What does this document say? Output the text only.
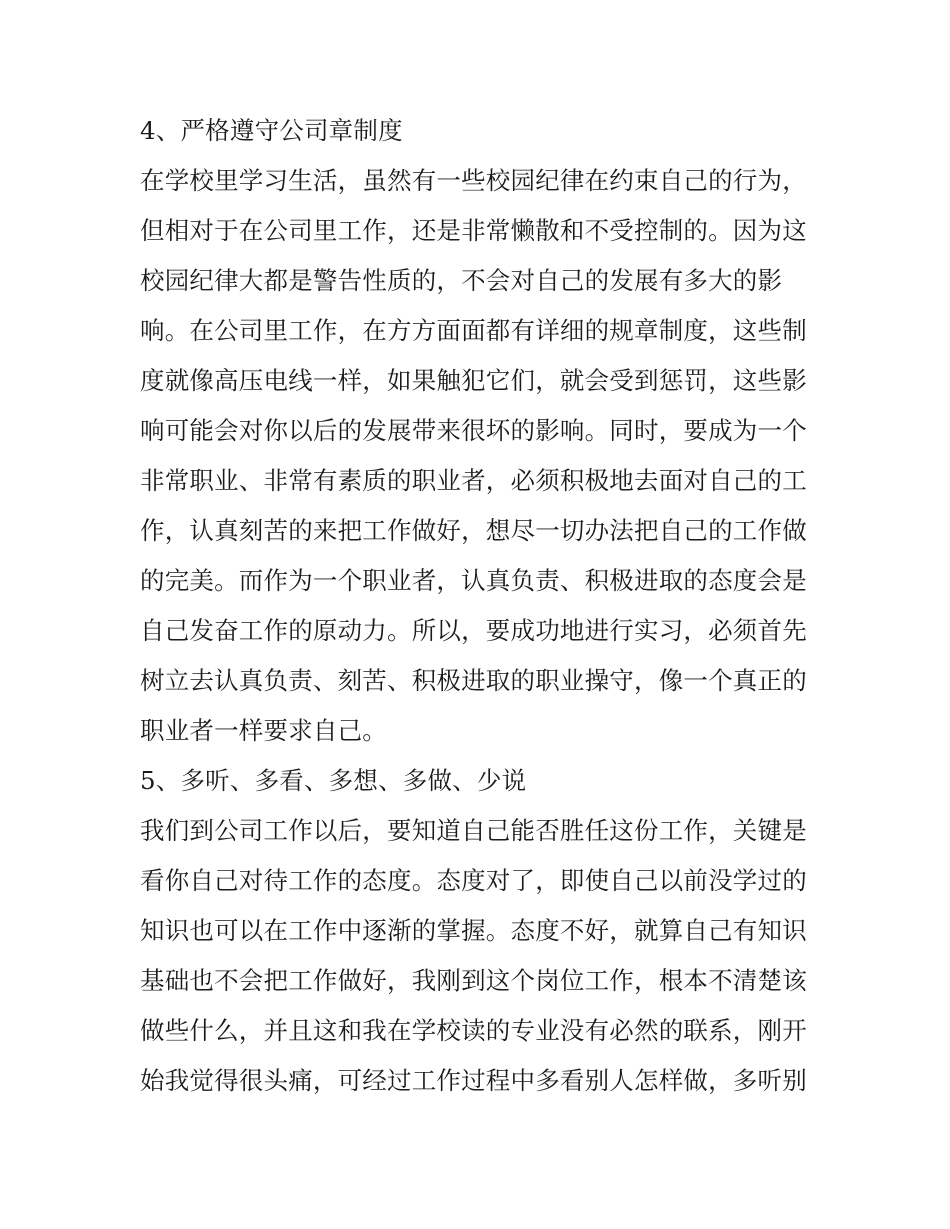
4、严格遵守公司章制度
在学校里学习生活，虽然有一些校园纪律在约束自己的行为，
但相对于在公司里工作，还是非常懒散和不受控制的。因为这
校园纪律大都是警告性质的，不会对自己的发展有多大的影
响。在公司里工作，在方方面面都有详细的规章制度，这些制
度就像高压电线一样，如果触犯它们，就会受到惩罚，这些影
响可能会对你以后的发展带来很坏的影响。同时，要成为一个
非常职业、非常有素质的职业者，必须积极地去面对自己的工
作，认真刻苦的来把工作做好，想尽一切办法把自己的工作做
的完美。而作为一个职业者，认真负责、积极进取的态度会是
自己发奋工作的原动力。所以，要成功地进行实习，必须首先
树立去认真负责、刻苦、积极进取的职业操守，像一个真正的
职业者一样要求自己。
5、多听、多看、多想、多做、少说
我们到公司工作以后，要知道自己能否胜任这份工作，关键是
看你自己对待工作的态度。态度对了，即使自己以前没学过的
知识也可以在工作中逐渐的掌握。态度不好，就算自己有知识
基础也不会把工作做好，我刚到这个岗位工作，根本不清楚该
做些什么，并且这和我在学校读的专业没有必然的联系，刚开
始我觉得很头痛，可经过工作过程中多看别人怎样做，多听别
